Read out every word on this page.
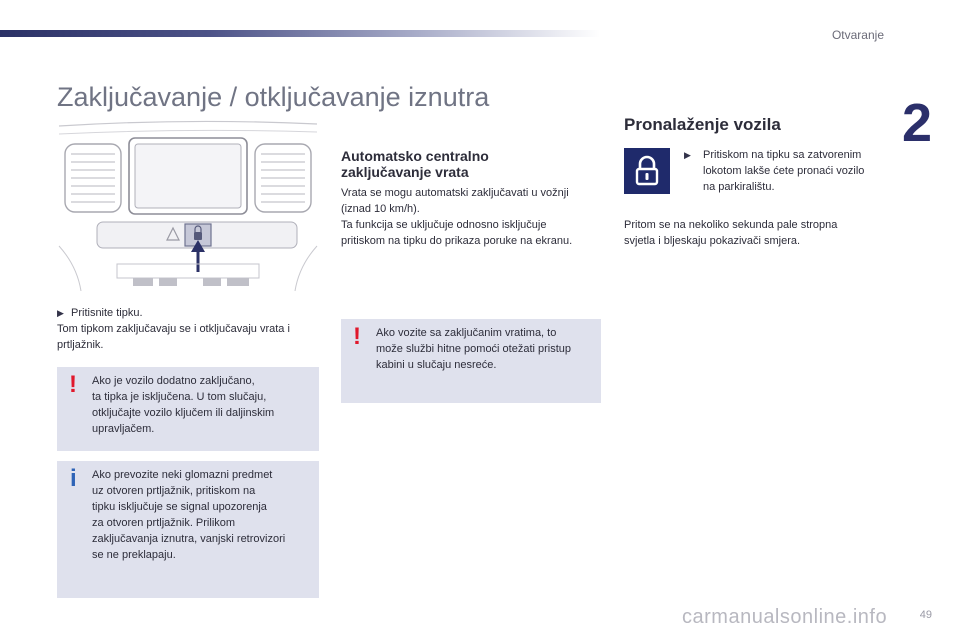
Otvaranje
2
Zaključavanje / otključavanje iznutra
▶ Pritisnite tipku.
Tom tipkom zaključavaju se i otključavaju vrata i prtljažnik.
! Ako je vozilo dodatno zaključano,
ta tipka je isključena. U tom slučaju,
otključajte vozilo ključem ili daljinskim
upravljačem.
i Ako prevozite neki glomazni predmet
uz otvoren prtljažnik, pritiskom na
tipku isključuje se signal upozorenja
za otvoren prtljažnik. Prilikom
zaključavanja iznutra, vanjski retrovizori
se ne preklapaju.
Automatsko centralno
zaključavanje vrata
Vrata se mogu automatski zaključavati u vožnji
(iznad 10 km/h).
Ta funkcija se uključuje odnosno isključuje
pritiskom na tipku do prikaza poruke na ekranu.
! Ako vozite sa zaključanim vratima, to
može službi hitne pomoći otežati pristup
kabini u slučaju nesreće.
Pronalaženje vozila
▶	Pritiskom na tipku sa zatvorenim
lokotom lakše ćete pronaći vozilo
na parkiralištu.
Pritom se na nekoliko sekunda pale stropna
svjetla i bljeskaju pokazivači smjera.
carmanualsonline.info	49
